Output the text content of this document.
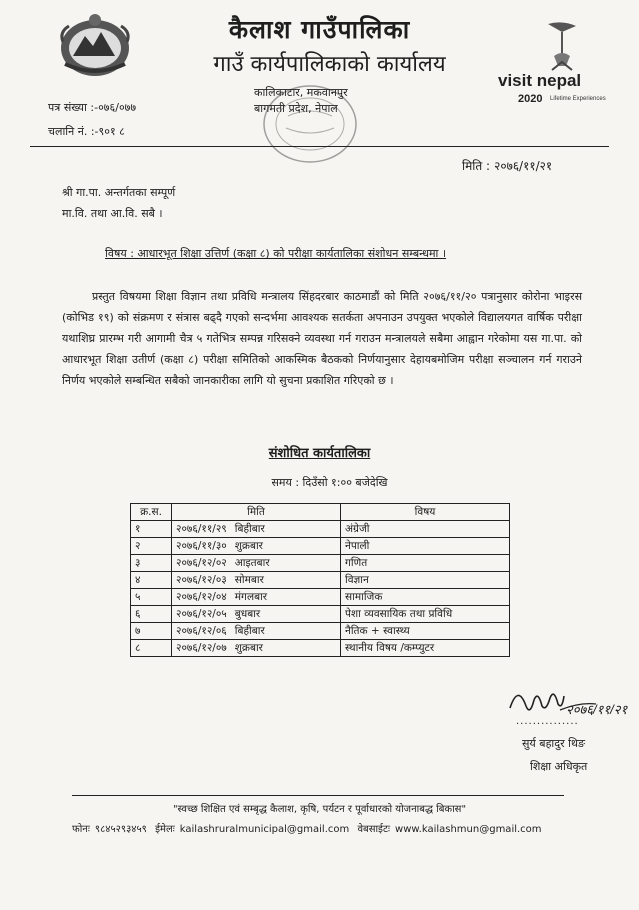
कैलाश गाउँपालिका
गाउँ कार्यपालिकाको कार्यालय
कालिकाटार, मकवानपुर
बागमती प्रदेश, नेपाल
visit nepal
2020 Lifetime Experiences
पत्र संख्या :-०७६/०७७
चलानि नं. :-९०१ ८
मिति : २०७६/११/२१
श्री गा.पा. अन्तर्गतका सम्पूर्ण
मा.वि. तथा आ.वि. सबै ।
विषय : आधारभूत शिक्षा उत्तिर्ण (कक्षा ८) को परीक्षा कार्यतालिका संशोधन सम्बन्धमा ।
प्रस्तुत विषयमा शिक्षा विज्ञान तथा प्रविधि मन्त्रालय सिंहदरबार काठमाडौं को मिति २०७६/११/२० पत्रानुसार कोरोना भाइरस (कोभिड १९) को संक्रमण र संत्रास बढ्दै गएको सन्दर्भमा आवश्यक सतर्कता अपनाउन उपयुक्त भएकोले विद्यालयगत वार्षिक परीक्षा यथाशिघ्र प्रारम्भ गरी आगामी चैत्र ५ गतेभित्र सम्पन्न गरिसक्ने व्यवस्था गर्न गराउन मन्त्रालयले सबैमा आह्वान गरेकोमा यस गा.पा. को आधारभूत शिक्षा उतीर्ण (कक्षा ८) परीक्षा समितिको आकस्मिक बैठकको निर्णयानुसार देहायबमोजिम परीक्षा सञ्चालन गर्न गराउने निर्णय भएकोले सम्बन्धित सबैको जानकारीका लागि यो सुचना प्रकाशित गरिएको छ ।
संशोधित कार्यतालिका
समय : दिउँसो १:०० बजेदेखि
क्र.स.	मिति	विषय
१	२०७६/११/२९ बिहीबार	अंग्रेजी
२	२०७६/११/३० शुक्रबार	नेपाली
३	२०७६/१२/०२ आइतबार	गणित
४	२०७६/१२/०३ सोमबार	विज्ञान
५	२०७६/१२/०४ मंगलबार	सामाजिक
६	२०७६/१२/०५ बुधबार	पेशा व्यवसायिक तथा प्रविधि
७	२०७६/१२/०६ बिहीबार	नैतिक + स्वास्थ्य
८	२०७६/१२/०७ शुक्रबार	स्थानीय विषय /कम्प्युटर
२०७६/११/२१
...............
सुर्य बहादुर थिङ
शिक्षा अधिकृत
"स्वच्छ शिक्षित एवं सम्बृद्ध कैलाश, कृषि, पर्यटन र पूर्वाधारको योजनाबद्ध बिकास"
फोनः ९८४५२९३४५९ ईमेलः kailashruralmunicipal@gmail.com वेबसाईटः www.kailashmun@gmail.com
